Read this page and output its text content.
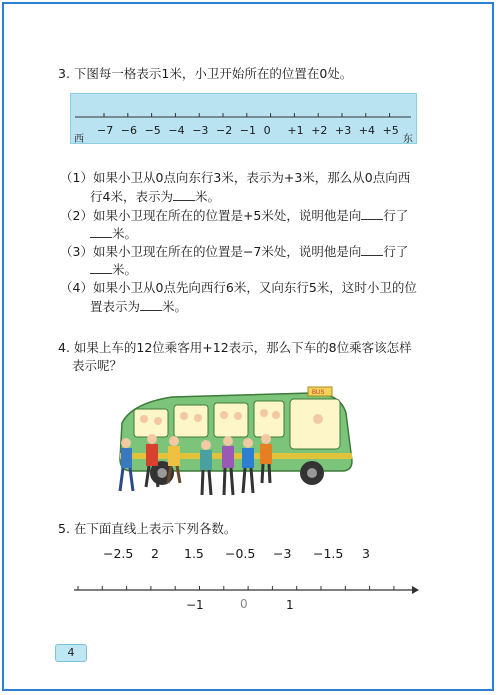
3. 下图每一格表示1米，小卫开始所在的位置在0处。
西	东
−7 −6 −5 −4 −3 −2 −1 0 +1 +2 +3 +4 +5
（1）如果小卫从0点向东行3米，表示为+3米，那么从0点向西
行4米，表示为 米。
（2）如果小卫现在所在的位置是+5米处，说明他是向 行了
米。
（3）如果小卫现在所在的位置是−7米处，说明他是向 行了
米。
（4）如果小卫从0点先向西行6米，又向东行5米，这时小卫的位
置表示为 米。
4. 如果上车的12位乘客用+12表示，那么下车的8位乘客该怎样
表示呢？
BUS
5. 在下面直线上表示下列各数。
−2.5 2 1.5 −0.5 −3 −1.5 3
−1	0	1
4
